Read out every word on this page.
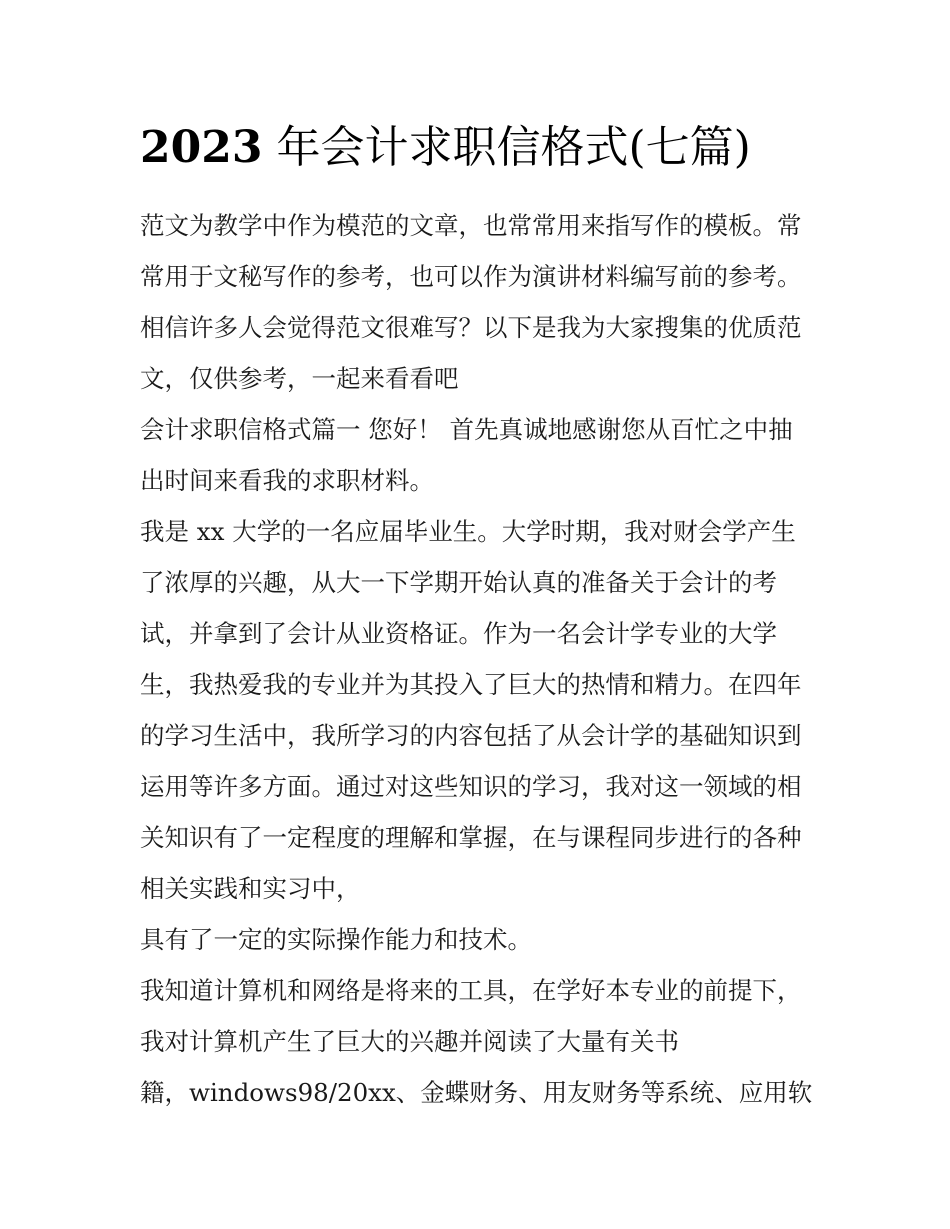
2023 年会计求职信格式(七篇)
范文为教学中作为模范的文章，也常常用来指写作的模板。常
常用于文秘写作的参考，也可以作为演讲材料编写前的参考。
相信许多人会觉得范文很难写？以下是我为大家搜集的优质范
文，仅供参考，一起来看看吧
会计求职信格式篇一 您好！ 首先真诚地感谢您从百忙之中抽
出时间来看我的求职材料。
我是 xx 大学的一名应届毕业生。大学时期，我对财会学产生
了浓厚的兴趣，从大一下学期开始认真的准备关于会计的考
试，并拿到了会计从业资格证。作为一名会计学专业的大学
生，我热爱我的专业并为其投入了巨大的热情和精力。在四年
的学习生活中，我所学习的内容包括了从会计学的基础知识到
运用等许多方面。通过对这些知识的学习，我对这一领域的相
关知识有了一定程度的理解和掌握，在与课程同步进行的各种
相关实践和实习中，
具有了一定的实际操作能力和技术。
我知道计算机和网络是将来的工具，在学好本专业的前提下，
我对计算机产生了巨大的兴趣并阅读了大量有关书
籍，windows98/20xx、金蝶财务、用友财务等系统、应用软
